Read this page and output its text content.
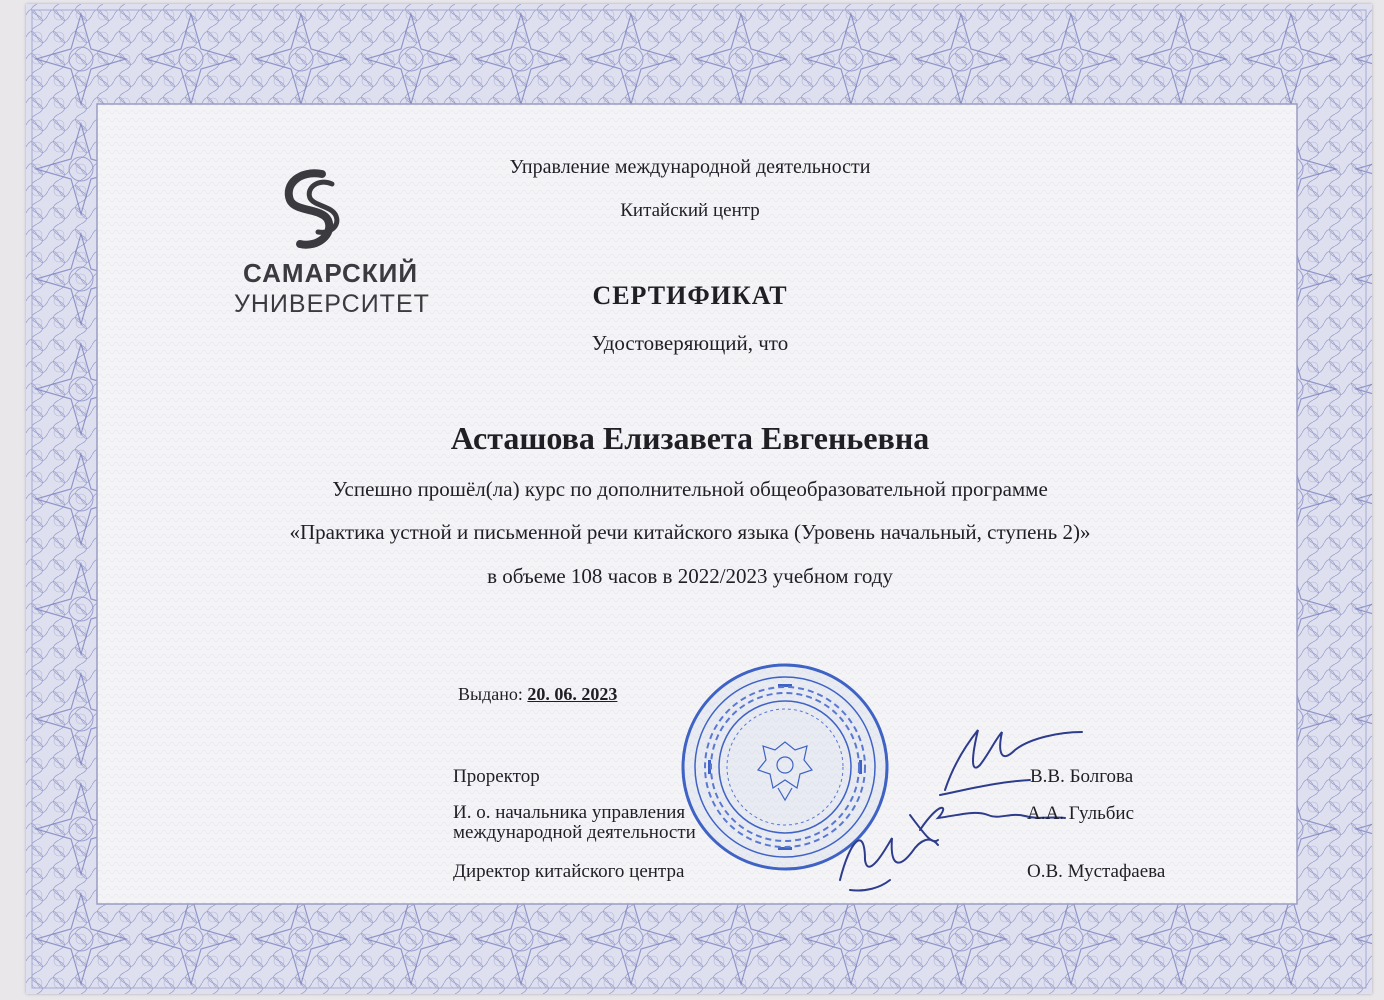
САМАРСКИЙ
УНИВЕРСИТЕТ
Управление международной деятельности
Китайский центр
СЕРТИФИКАТ
Удостоверяющий, что
Асташова Елизавета Евгеньевна
Успешно прошёл(ла) курс по дополнительной общеобразовательной программе
«Практика устной и письменной речи китайского языка (Уровень начальный, ступень 2)»
в объеме 108 часов в 2022/2023 учебном году
Выдано: 20. 06. 2023
Проректор
И. о. начальника управления
международной деятельности
Директор китайского центра
В.В. Болгова
А.А. Гульбис
О.В. Мустафаева
